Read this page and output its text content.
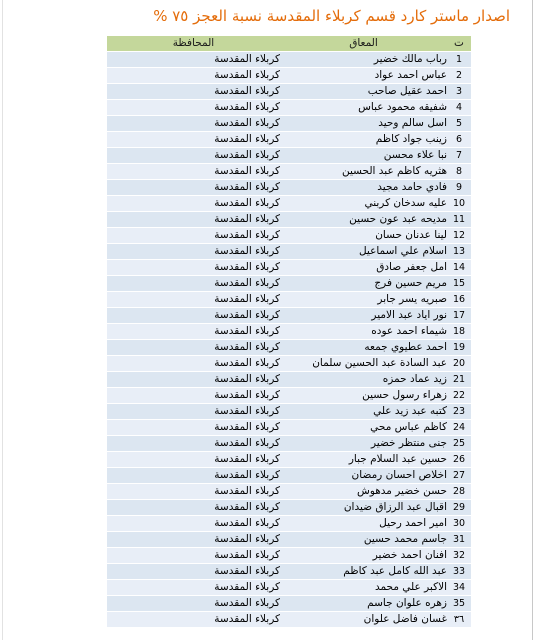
اصدار ماستر كارد قسم كربلاء المقدسة نسبة العجز ٧٥ %
ت	المعاق	المحافظة
1	رباب مالك خضير	كربلاء المقدسة
2	عباس احمد عواد	كربلاء المقدسة
3	احمد عقيل صاحب	كربلاء المقدسة
4	شفيقه محمود عباس	كربلاء المقدسة
5	اسل سالم وحيد	كربلاء المقدسة
6	زينب جواد كاظم	كربلاء المقدسة
7	نبا علاء محسن	كربلاء المقدسة
8	هثريه كاظم عبد الحسين	كربلاء المقدسة
9	فادي حامد مجيد	كربلاء المقدسة
10	عليه سدخان كربني	كربلاء المقدسة
11	مديحه عبد عون حسين	كربلاء المقدسة
12	لينا عدنان حسان	كربلاء المقدسة
13	اسلام علي اسماعيل	كربلاء المقدسة
14	امل جعفر صادق	كربلاء المقدسة
15	مريم حسين فرج	كربلاء المقدسة
16	صبريه يسر جابر	كربلاء المقدسة
17	نور اياد عبد الامير	كربلاء المقدسة
18	شيماء احمد عوده	كربلاء المقدسة
19	احمد عطيوي جمعه	كربلاء المقدسة
20	عبد السادة عبد الحسين سلمان	كربلاء المقدسة
21	زيد عماد حمزه	كربلاء المقدسة
22	زهراء رسول حسين	كربلاء المقدسة
23	كتبه عبد زيد علي	كربلاء المقدسة
24	كاظم عباس محي	كربلاء المقدسة
25	جنى منتظر خضير	كربلاء المقدسة
26	حسين عبد السلام جبار	كربلاء المقدسة
27	اخلاص احسان رمضان	كربلاء المقدسة
28	حسن خضير مدهوش	كربلاء المقدسة
29	اقبال عبد الرزاق ضيدان	كربلاء المقدسة
30	امير احمد رحيل	كربلاء المقدسة
31	جاسم محمد حسين	كربلاء المقدسة
32	افنان احمد خضير	كربلاء المقدسة
33	عبد الله كامل عبد كاظم	كربلاء المقدسة
34	الاكبر علي محمد	كربلاء المقدسة
35	زهره علوان جاسم	كربلاء المقدسة
٣٦	غسان فاضل علوان	كربلاء المقدسة
